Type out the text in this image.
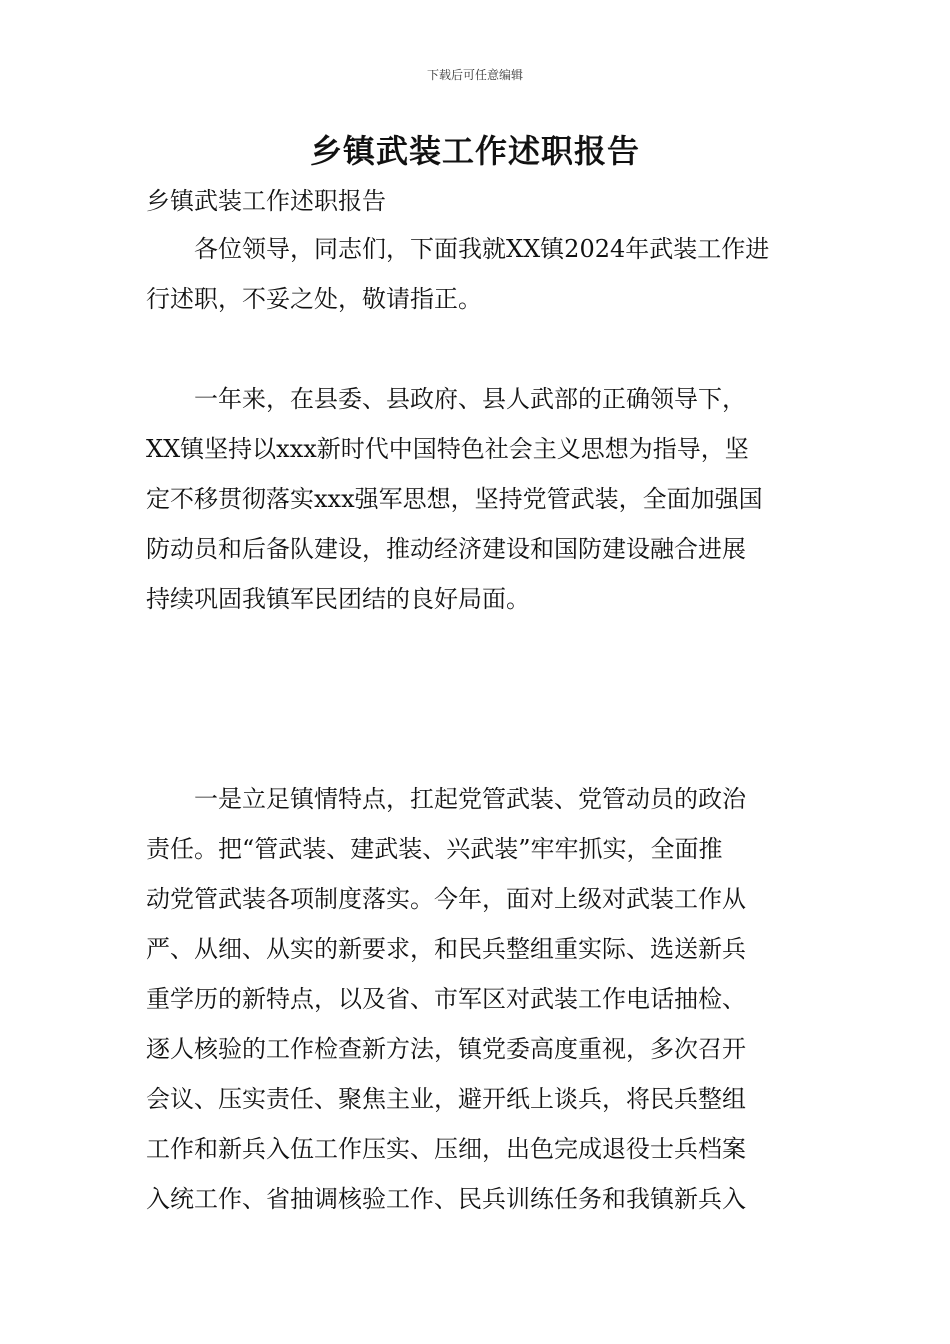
下载后可任意编辑
乡镇武装工作述职报告
乡镇武装工作述职报告
　　各位领导，同志们，下面我就XX镇2024年武装工作进
行述职，不妥之处，敬请指正。
　　一年来，在县委、县政府、县人武部的正确领导下，
XX镇坚持以xxx新时代中国特色社会主义思想为指导，坚
定不移贯彻落实xxx强军思想，坚持党管武装，全面加强国
防动员和后备队建设，推动经济建设和国防建设融合进展
持续巩固我镇军民团结的良好局面。
　　一是立足镇情特点，扛起党管武装、党管动员的政治
责任。把“管武装、建武装、兴武装”牢牢抓实，全面推
动党管武装各项制度落实。今年，面对上级对武装工作从
严、从细、从实的新要求，和民兵整组重实际、选送新兵
重学历的新特点，以及省、市军区对武装工作电话抽检、
逐人核验的工作检查新方法，镇党委高度重视，多次召开
会议、压实责任、聚焦主业，避开纸上谈兵，将民兵整组
工作和新兵入伍工作压实、压细，出色完成退役士兵档案
入统工作、省抽调核验工作、民兵训练任务和我镇新兵入
